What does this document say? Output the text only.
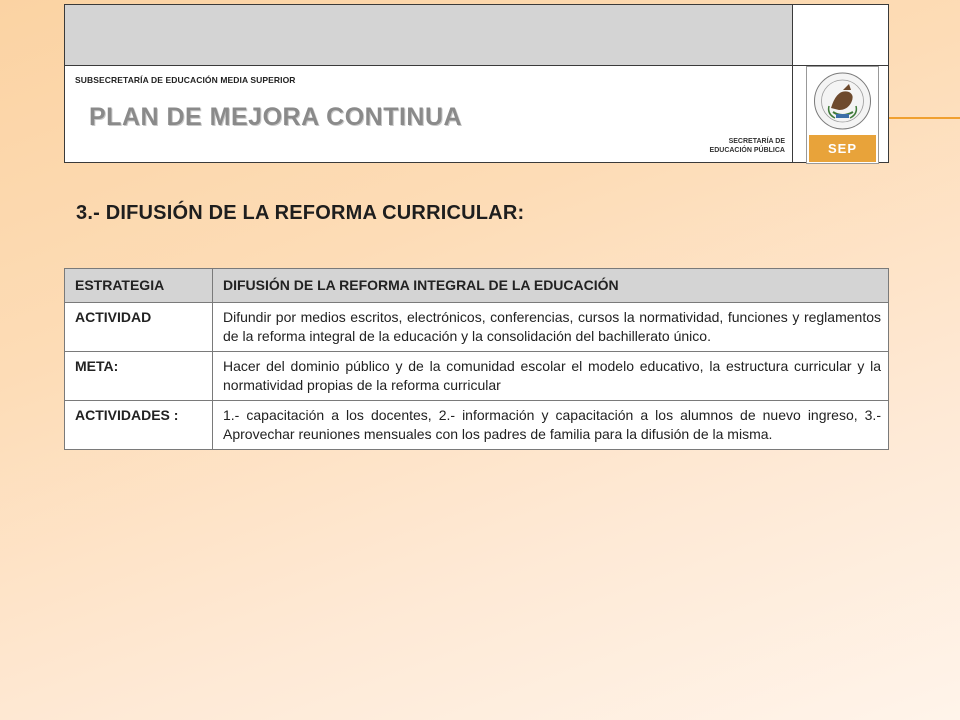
SUBSECRETARÍA DE EDUCACIÓN MEDIA SUPERIOR
PLAN DE MEJORA CONTINUA
SECRETARÍA DE
EDUCACIÓN PÚBLICA	SEP
3.- DIFUSIÓN DE LA REFORMA CURRICULAR:
ESTRATEGIA	DIFUSIÓN DE LA REFORMA INTEGRAL DE LA EDUCACIÓN
ACTIVIDAD	Difundir por medios escritos, electrónicos, conferencias, cursos la normatividad, funciones y reglamentos de la reforma integral de la educación y la consolidación del bachillerato único.
META:	Hacer del dominio público y de la comunidad escolar el modelo educativo, la estructura curricular y la normatividad propias de la reforma curricular
ACTIVIDADES :	1.- capacitación a los docentes, 2.- información y capacitación a los alumnos de nuevo ingreso, 3.- Aprovechar reuniones mensuales con los padres de familia para la difusión de la misma.
